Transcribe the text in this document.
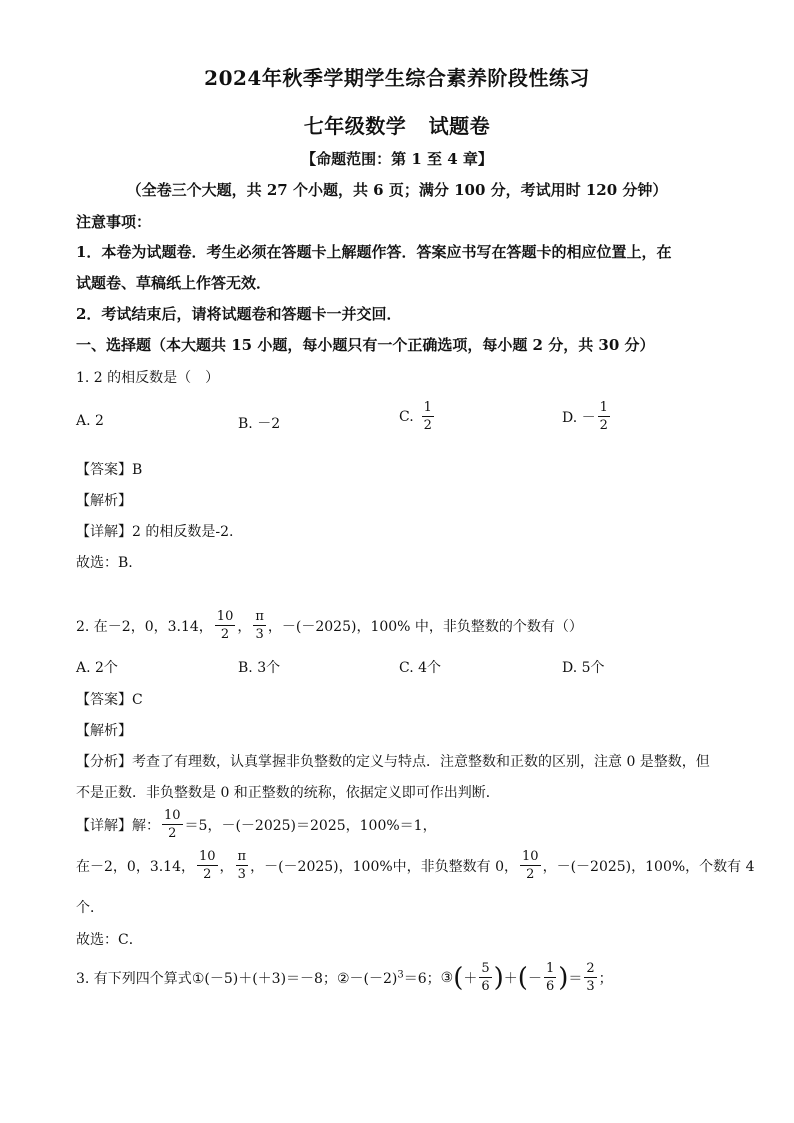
2024年秋季学期学生综合素养阶段性练习
七年级数学   试题卷
【命题范围：第 1 至 4 章】
（全卷三个大题，共 27 个小题，共 6 页；满分 100 分，考试用时 120 分钟）
注意事项：
1．本卷为试题卷．考生必须在答题卡上解题作答．答案应书写在答题卡的相应位置上，在
试题卷、草稿纸上作答无效．
2．考试结束后，请将试题卷和答题卡一并交回．
一、选择题（本大题共 15 小题，每小题只有一个正确选项，每小题 2 分，共 30 分）
1. 2 的相反数是（　）
A. 2	B. －2	C. $\frac{1}{2}$	D. － $\frac{1}{2}$
【答案】B
【解析】
【详解】2 的相反数是-2.
故选：B.
2. 在－2，0，3.14， $\frac{10}{2}$ ， $\frac{\pi}{3}$ ，－(－2025)，100% 中，非负整数的个数有（）
A. 2个	B. 3个	C. 4个	D. 5个
【答案】C
【解析】
【分析】考查了有理数，认真掌握非负整数的定义与特点．注意整数和正数的区别，注意 0 是整数，但
不是正数．非负整数是 0 和正整数的统称，依据定义即可作出判断．
【详解】解： $\frac{10}{2} =5$，－(－2025)＝2025，100%＝1，
在－2，0，3.14， $\frac{10}{2}$ ， $\frac{\pi}{3}$ ，－(－2025)，100%中，非负整数有 0， $\frac{10}{2}$ ，－(－2025)，100%，个数有 4
个．
故选：C．
3. 有下列四个算式 ①(－5)＋(＋3)＝－8； $②-(-2)^3=6$； ③ ( ＋ $\frac{5}{6}$ ) ＋ ( － $\frac{1}{6}$ ) ＝ $\frac{2}{3}$ ；
